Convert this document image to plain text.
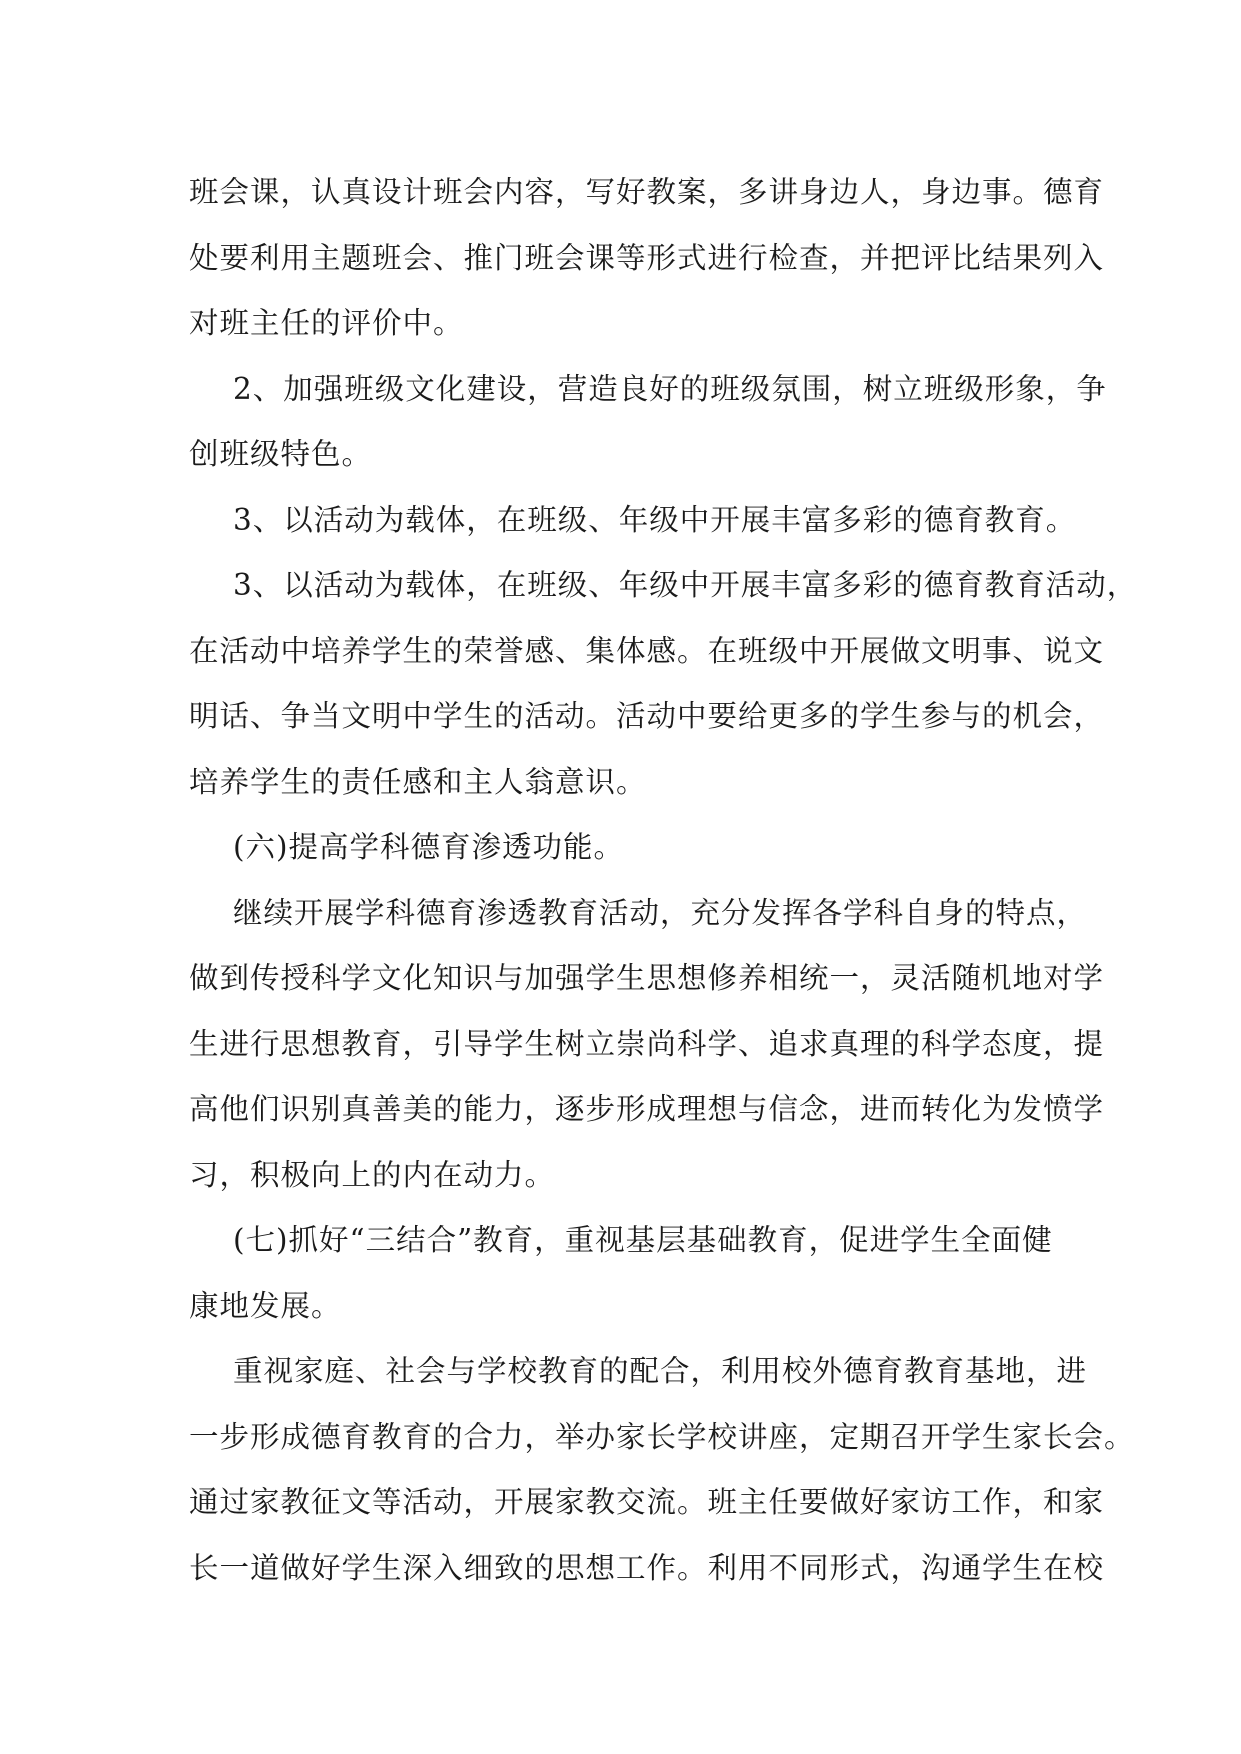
班会课，认真设计班会内容，写好教案，多讲身边人，身边事。德育
处要利用主题班会、推门班会课等形式进行检查，并把评比结果列入
对班主任的评价中。
2、加强班级文化建设，营造良好的班级氛围，树立班级形象，争
创班级特色。
3、以活动为载体，在班级、年级中开展丰富多彩的德育教育。
3、以活动为载体，在班级、年级中开展丰富多彩的德育教育活动，
在活动中培养学生的荣誉感、集体感。在班级中开展做文明事、说文
明话、争当文明中学生的活动。活动中要给更多的学生参与的机会，
培养学生的责任感和主人翁意识。
(六)提高学科德育渗透功能。
继续开展学科德育渗透教育活动，充分发挥各学科自身的特点，
做到传授科学文化知识与加强学生思想修养相统一，灵活随机地对学
生进行思想教育，引导学生树立崇尚科学、追求真理的科学态度，提
高他们识别真善美的能力，逐步形成理想与信念，进而转化为发愤学
习，积极向上的内在动力。
(七)抓好“三结合”教育，重视基层基础教育，促进学生全面健
康地发展。
重视家庭、社会与学校教育的配合，利用校外德育教育基地，进
一步形成德育教育的合力，举办家长学校讲座，定期召开学生家长会。
通过家教征文等活动，开展家教交流。班主任要做好家访工作，和家
长一道做好学生深入细致的思想工作。利用不同形式，沟通学生在校
